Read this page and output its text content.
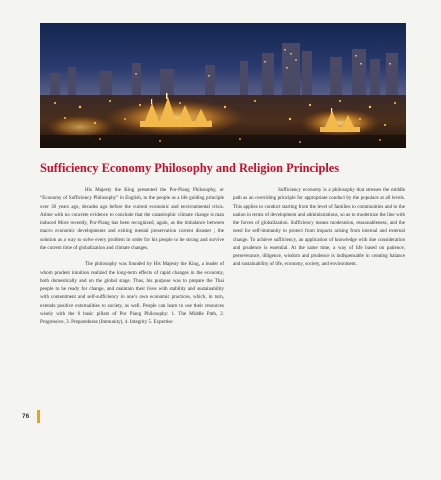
Sufficiency Economy Philosophy and Religion Principles

His Majesty the King presented the Por-Piang Philosophy, or “Economy of Sufficiency Philosophy” in English, to the people as a life guiding principle over 30 years ago, decades ago before the current economic and environmental crisis. Atime with no concrete evidence to conclude that the catastrophic climate change is man induced More recently, Por-Piang has been recognized, again, as the imbalance between macro economic developments and exiting mental preservation current disaster ; the solution as a way to solve every problem in order for his people to be strong and survive the current time of globalization and climate changes.

The philosophy was founded by His Majesty the King, a leader of whom prudent intuition realized the long-term effects of rapid changes in the economy, both domestically and on the global stage. Thus, his purpose was to prepare the Thai people to be ready for change, and maintain their lives with stability and sustainability with contentment and self-sufficiency in one’s own economic practices, which, in turn, extends positive externalities to society, as well. People can learn to use their resources wisely with the 6 basic pillars of Por Piang Philosophy: 1. The Middle Path, 2. Progressive, 3. Preparedness (Immunity), 4. Integrity 5. Expertise

Sufficiency economy is a philosophy that stresses the middle path as an overriding principle for appropriate conduct by the populace at all levels. This applies to conduct starting from the level of families to communities and to the nation in terms of development and administrations, so as to modernize the line with the forces of globalization. Sufficiency means moderation, reasonableness, and the need for self-immunity to protect from impacts arising from internal and external change. To achieve sufficiency, an application of knowledge with due consideration and prudence is essential. At the same time, a way of life based on patience, perseverance, diligence, wisdom and prudence is indispensable in creating balance and sustainability of life, economy, society, and environment.

76
